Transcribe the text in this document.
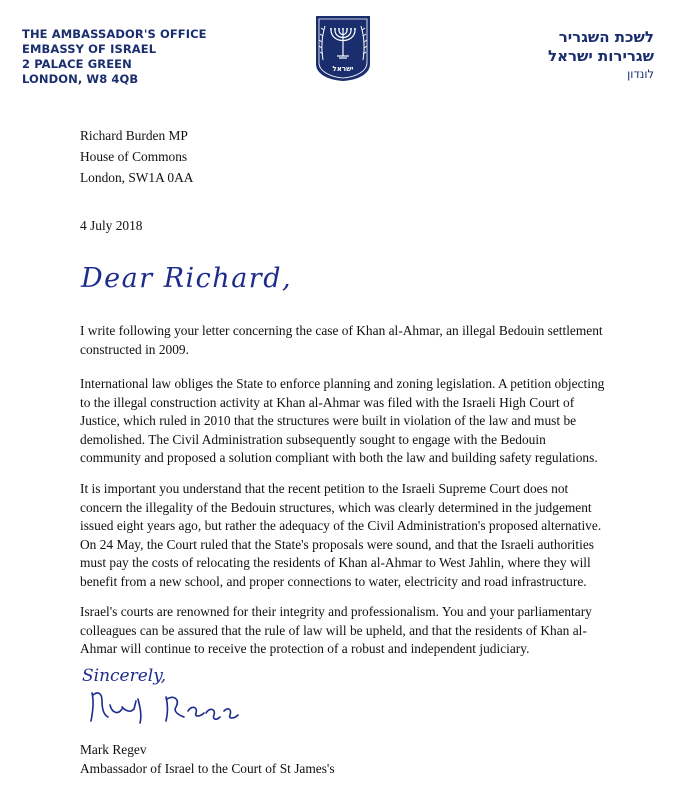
THE AMBASSADOR'S OFFICE
EMBASSY OF ISRAEL
2 PALACE GREEN
LONDON, W8 4QB
ישראל
לשכת השגריר
שגרירות ישראל
לונדון
Richard Burden MP
House of Commons
London, SW1A 0AA
4 July 2018
Dear Richard,

I write following your letter concerning the case of Khan al-Ahmar, an illegal Bedouin settlement constructed in 2009.

International law obliges the State to enforce planning and zoning legislation. A petition objecting to the illegal construction activity at Khan al-Ahmar was filed with the Israeli High Court of Justice, which ruled in 2010 that the structures were built in violation of the law and must be demolished. The Civil Administration subsequently sought to engage with the Bedouin community and proposed a solution compliant with both the law and building safety regulations.

It is important you understand that the recent petition to the Israeli Supreme Court does not concern the illegality of the Bedouin structures, which was clearly determined in the judgement issued eight years ago, but rather the adequacy of the Civil Administration's proposed alternative. On 24 May, the Court ruled that the State's proposals were sound, and that the Israeli authorities must pay the costs of relocating the residents of Khan al-Ahmar to West Jahlin, where they will benefit from a new school, and proper connections to water, electricity and road infrastructure.

Israel's courts are renowned for their integrity and professionalism. You and your parliamentary colleagues can be assured that the rule of law will be upheld, and that the residents of Khan al-Ahmar will continue to receive the protection of a robust and independent judiciary.

Sincerely,
Mark Regev
Ambassador of Israel to the Court of St James's
